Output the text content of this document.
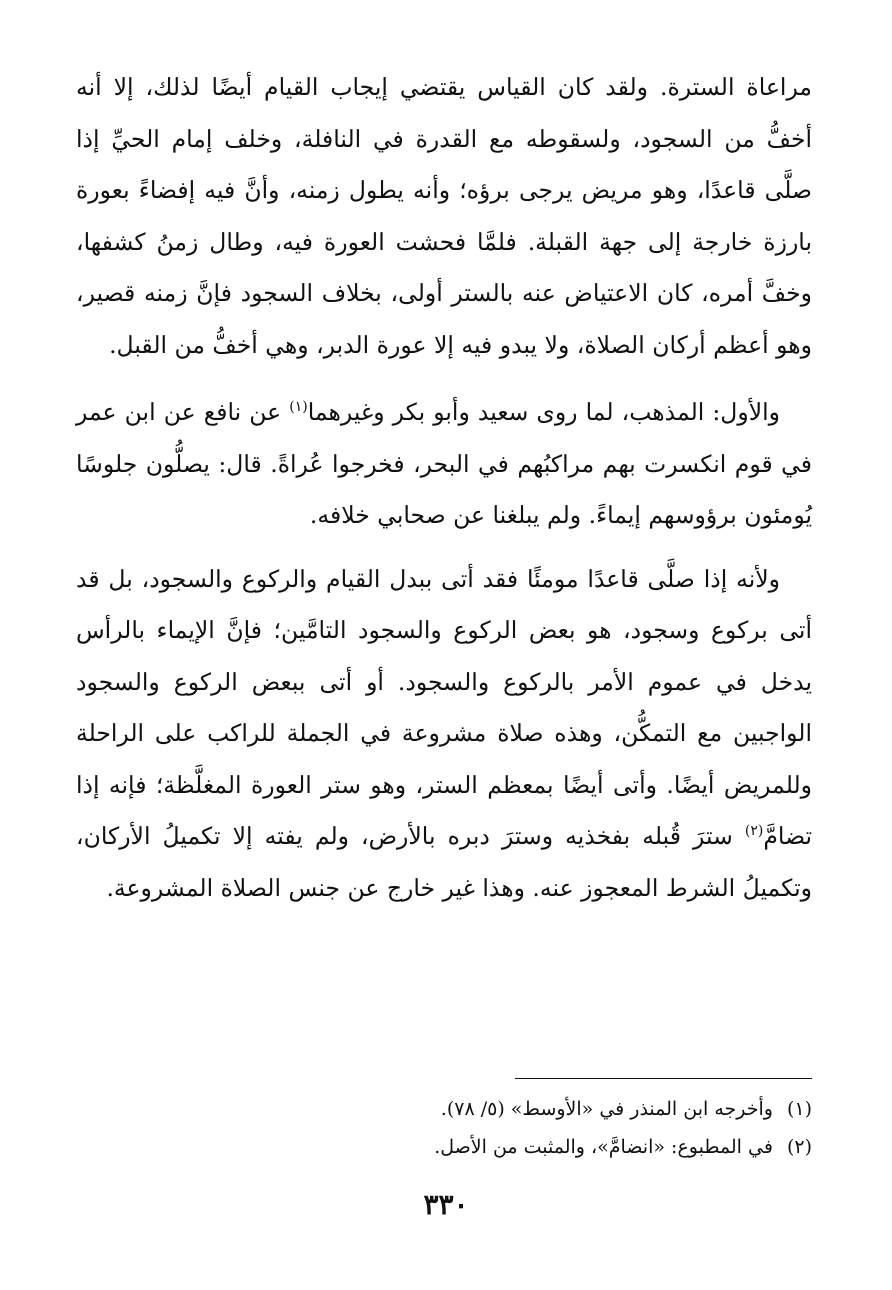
مراعاة السترة. ولقد كان القياس يقتضي إيجاب القيام أيضًا لذلك، إلا أنه أخفُّ من السجود، ولسقوطه مع القدرة في النافلة، وخلف إمام الحيِّ إذا صلَّى قاعدًا، وهو مريض يرجى برؤه؛ وأنه يطول زمنه، وأنَّ فيه إفضاءً بعورة بارزة خارجة إلى جهة القبلة. فلمَّا فحشت العورة فيه، وطال زمنُ كشفها، وخفَّ أمره، كان الاعتياض عنه بالستر أولى، بخلاف السجود فإنَّ زمنه قصير، وهو أعظم أركان الصلاة، ولا يبدو فيه إلا عورة الدبر، وهي أخفُّ من القبل.

والأول: المذهب، لما روى سعيد وأبو بكر وغيرهما$^{(١)}$ عن نافع عن ابن عمر في قوم انكسرت بهم مراكبُهم في البحر، فخرجوا عُراةً. قال: يصلُّون جلوسًا يُومئون برؤوسهم إيماءً. ولم يبلغنا عن صحابي خلافه.

ولأنه إذا صلَّى قاعدًا مومئًا فقد أتى ببدل القيام والركوع والسجود، بل قد أتى بركوع وسجود، هو بعض الركوع والسجود التامَّين؛ فإنَّ الإيماء بالرأس يدخل في عموم الأمر بالركوع والسجود. أو أتى ببعض الركوع والسجود الواجبين مع التمكُّن، وهذه صلاة مشروعة في الجملة للراكب على الراحلة وللمريض أيضًا. وأتى أيضًا بمعظم الستر، وهو ستر العورة المغلَّظة؛ فإنه إذا تضامَّ$^{(٢)}$ سترَ قُبله بفخذيه وسترَ دبره بالأرض، ولم يفته إلا تكميلُ الأركان، وتكميلُ الشرط المعجوز عنه. وهذا غير خارج عن جنس الصلاة المشروعة.

(١)وأخرجه ابن المنذر في «الأوسط» (٥/ ٧٨).

(٢)في المطبوع: «انضامَّ»، والمثبت من الأصل.

٣٣٠
